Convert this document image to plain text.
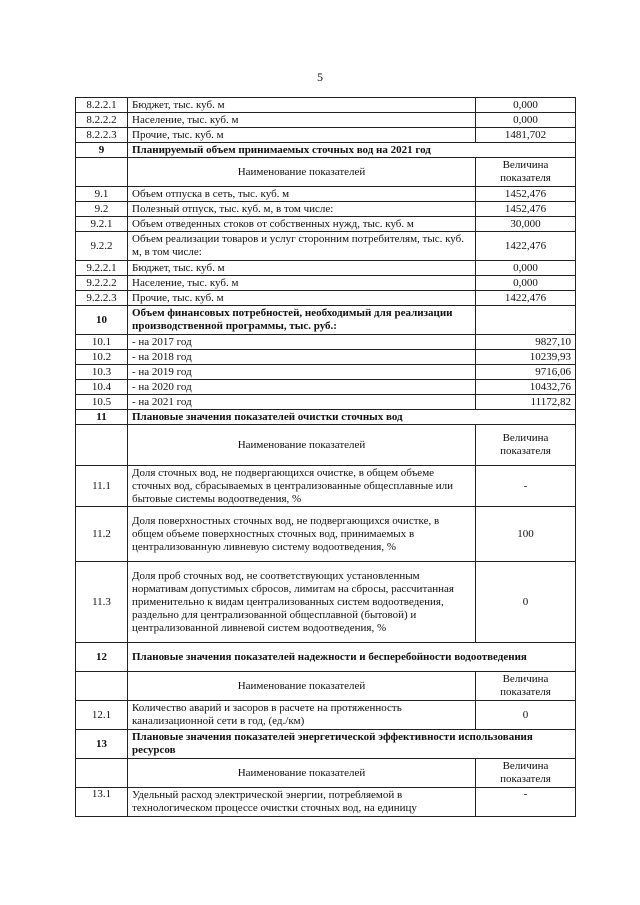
5
8.2.2.1	Бюджет, тыс. куб. м	0,000
8.2.2.2	Население, тыс. куб. м	0,000
8.2.2.3	Прочие, тыс. куб. м	1481,702
9	Планируемый объем принимаемых сточных вод на 2021 год	
	Наименование показателей	Величина показателя
9.1	Объем отпуска в сеть, тыс. куб. м	1452,476
9.2	Полезный отпуск, тыс. куб. м, в том числе:	1452,476
9.2.1	Объем отведенных стоков от собственных нужд, тыс. куб. м	30,000
9.2.2	Объем реализации товаров и услуг сторонним потребителям, тыс. куб. м, в том числе:	1422,476
9.2.2.1	Бюджет, тыс. куб. м	0,000
9.2.2.2	Население, тыс. куб. м	0,000
9.2.2.3	Прочие, тыс. куб. м	1422,476
10	Объем финансовых потребностей, необходимый для реализации производственной программы, тыс. руб.:	
10.1	- на 2017 год	9827,10
10.2	- на 2018 год	10239,93
10.3	- на 2019 год	9716,06
10.4	- на 2020 год	10432,76
10.5	- на 2021 год	11172,82
11	Плановые значения показателей очистки сточных вод	
	Наименование показателей	Величина показателя
11.1	Доля сточных вод, не подвергающихся очистке, в общем объеме сточных вод, сбрасываемых в централизованные общесплавные или бытовые системы водоотведения, %	-
11.2	Доля поверхностных сточных вод, не подвергающихся очистке, в общем объеме поверхностных сточных вод, принимаемых в централизованную ливневую систему водоотведения, %	100
11.3	Доля проб сточных вод, не соответствующих установленным нормативам допустимых сбросов, лимитам на сбросы, рассчитанная применительно к видам централизованных систем водоотведения, раздельно для централизованной общесплавной (бытовой) и централизованной ливневой систем водоотведения, %	0
12	Плановые значения показателей надежности и бесперебойности водоотведения	
	Наименование показателей	Величина показателя
12.1	Количество аварий и засоров в расчете на протяженность канализационной сети в год, (ед./км)	0
13	Плановые значения показателей энергетической эффективности использования ресурсов	
	Наименование показателей	Величина показателя
13.1	Удельный расход электрической энергии, потребляемой в технологическом процессе очистки сточных вод, на единицу	-
